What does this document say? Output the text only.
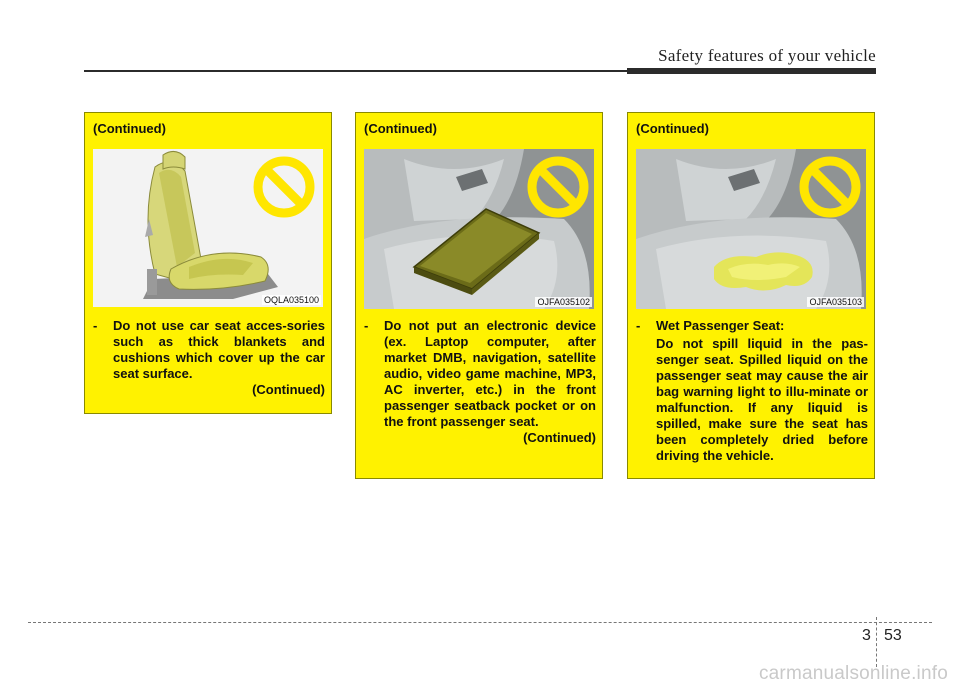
Safety features of your vehicle
(Continued)
OQLA035100
- Do not use car seat acces-sories such as thick blankets and cushions which cover up the car seat surface.
(Continued)
(Continued)
OJFA035102
- Do not put an electronic device (ex. Laptop computer, after market DMB, navigation, satellite audio, video game machine, MP3, AC inverter, etc.) in the front passenger seatback pocket or on the front passenger seat.
(Continued)
(Continued)
OJFA035103
- Wet Passenger Seat:
Do not spill liquid in the pas-senger seat. Spilled liquid on the passenger seat may cause the air bag warning light to illu-minate or malfunction. If any liquid is spilled, make sure the seat has been completely dried before driving the vehicle.
3 53
carmanualsonline.info
